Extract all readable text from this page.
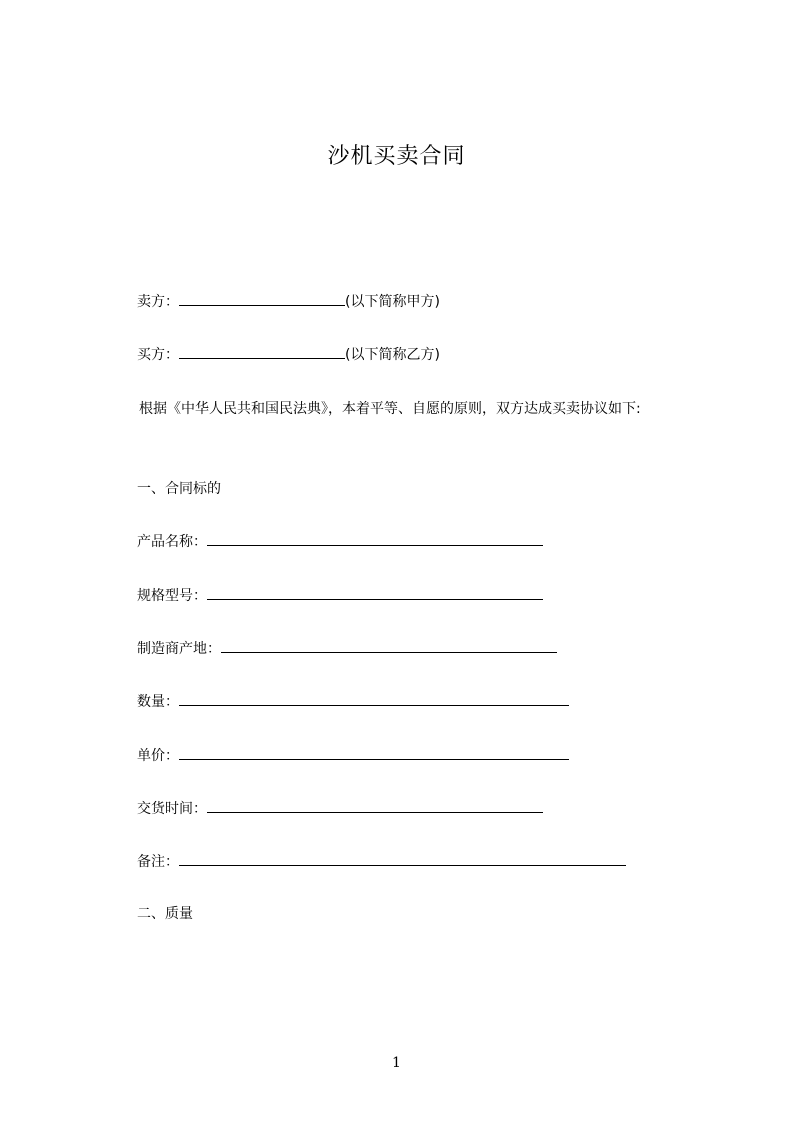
沙机买卖合同
卖方：	(以下简称甲方)
买方：	(以下简称乙方)
根据《中华人民共和国民法典》，本着平等、自愿的原则，双方达成买卖协议如下:
一、合同标的
产品名称：
规格型号：
制造商产地：
数量：
单价：
交货时间：
备注：
二、质量
1
